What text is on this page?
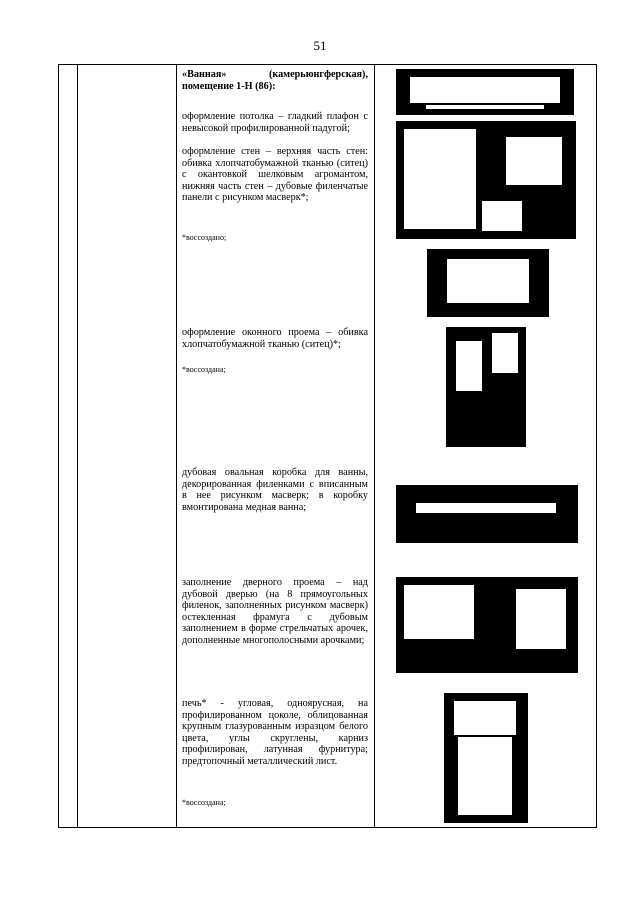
51
«Ванная» (камерьюнгферская), помещение 1-Н (86):
оформление потолка – гладкий плафон с невысокой профилированной падугой;
оформление стен – верхняя часть стен: обивка хлопчатобумажной тканью (ситец) с окантовкой шелковым агромантом, нижняя часть стен – дубовые филенчатые панели с рисунком масверк*;
*воссоздано;
оформление оконного проема – обивка хлопчатобумажной тканью (ситец)*;
*воссоздана;
дубовая овальная коробка для ванны, декорированная филенками с вписанным в нее рисунком масверк; в коробку вмонтирована медная ванна;
заполнение дверного проема – над дубовой дверью (на 8 прямоугольных филенок, заполненных рисунком масверк) остекленная фрамуга с дубовым заполнением в форме стрельчатых арочек, дополненные многополосными арочками;
печь* - угловая, одноярусная, на профилированном цоколе, облицованная крупным глазурованным изразцом белого цвета, углы скруглены, карниз профилирован, латунная фурнитура; предтопочный металлический лист.
*воссоздана;
